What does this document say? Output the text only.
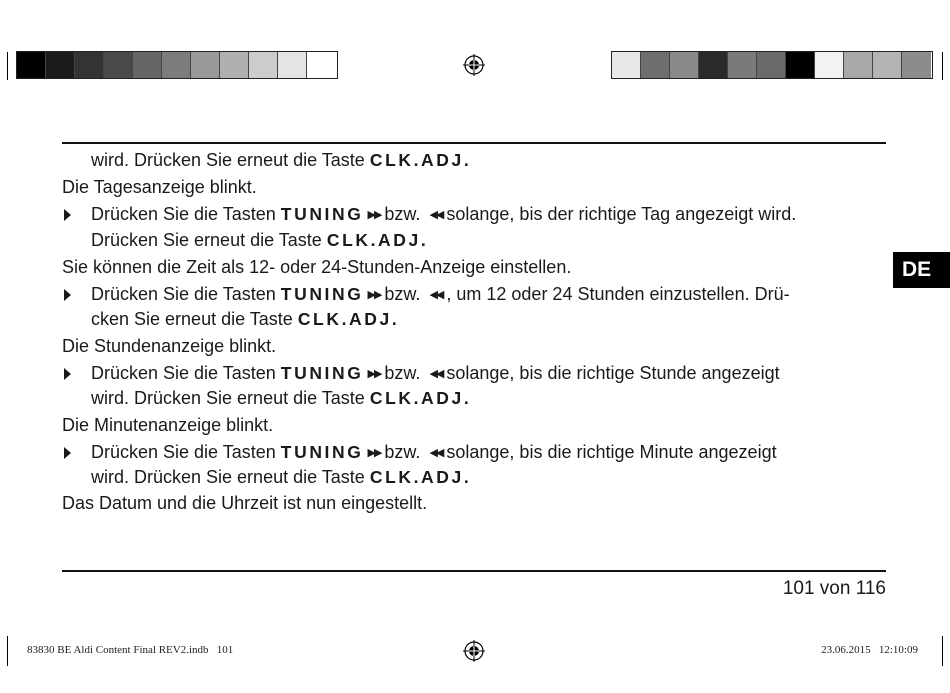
DE
wird. Drücken Sie erneut die Taste CLK.ADJ.
Die Tagesanzeige blinkt.
Drücken Sie die Tasten TUNING ▶▶ bzw. ◀◀ solange, bis der richtige Tag angezeigt wird.
Drücken Sie erneut die Taste CLK.ADJ.
Sie können die Zeit als 12- oder 24-Stunden-Anzeige einstellen.
Drücken Sie die Tasten TUNING ▶▶ bzw. ◀◀ , um 12 oder 24 Stunden einzustellen. Drü-
cken Sie erneut die Taste CLK.ADJ.
Die Stundenanzeige blinkt.
Drücken Sie die Tasten TUNING ▶▶ bzw. ◀◀ solange, bis die richtige Stunde angezeigt
wird. Drücken Sie erneut die Taste CLK.ADJ.
Die Minutenanzeige blinkt.
Drücken Sie die Tasten TUNING ▶▶ bzw. ◀◀ solange, bis die richtige Minute angezeigt
wird. Drücken Sie erneut die Taste CLK.ADJ.
Das Datum und die Uhrzeit ist nun eingestellt.
101 von 116
83830 BE Aldi Content Final REV2.indb   101	23.06.2015   12:10:09
